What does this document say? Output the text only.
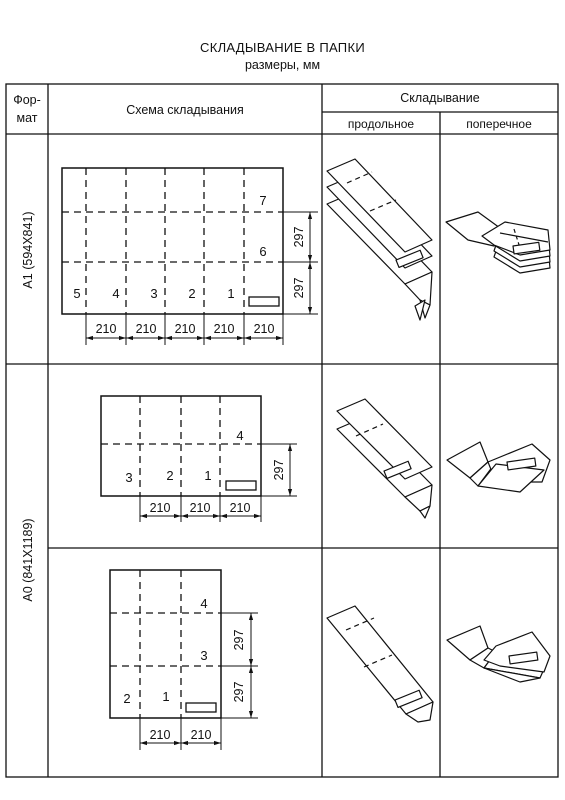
СКЛАДЫВАНИЕ В ПАПКИ
размеры, мм
Фор-
мат
Схема складывания
Складывание
продольное	поперечное
А1 (594Х841)
А0 (841Х1189)
5 4 3 2 1
7
6
210 210 210 210 210
297
297
3	2 1
4
210 210 210
297
2 1
4
3
210 210
297
297
